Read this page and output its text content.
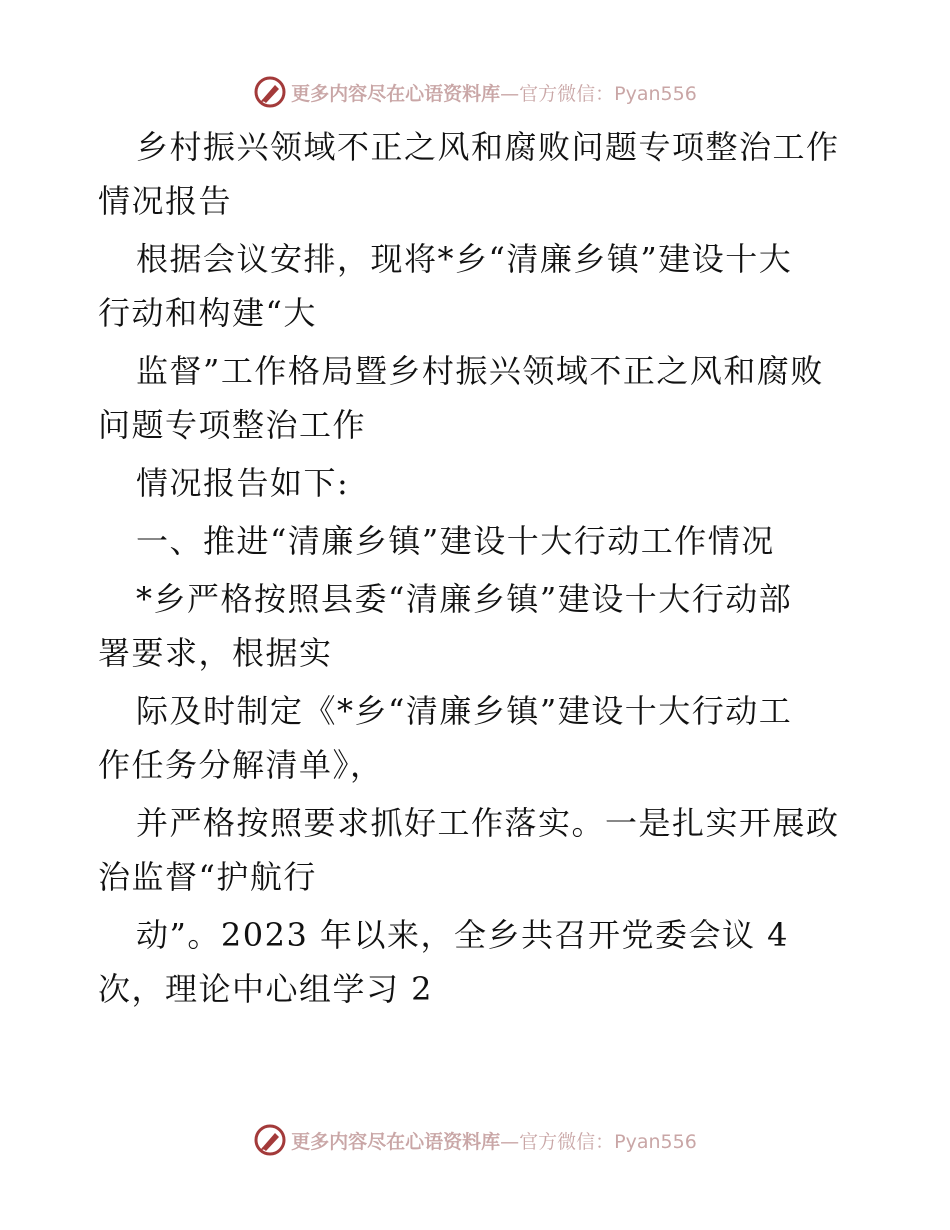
更多内容尽在心语资料库 —官方微信：Pyan556
乡村振兴领域不正之风和腐败问题专项整治工作
情况报告
根据会议安排，现将*乡“清廉乡镇”建设十大
行动和构建“大
监督”工作格局暨乡村振兴领域不正之风和腐败
问题专项整治工作
情况报告如下:
一、推进“清廉乡镇”建设十大行动工作情况
*乡严格按照县委“清廉乡镇”建设十大行动部
署要求，根据实
际及时制定《*乡“清廉乡镇”建设十大行动工
作任务分解清单》，
并严格按照要求抓好工作落实。一是扎实开展政
治监督“护航行
动”。2023 年以来，全乡共召开党委会议 4
次，理论中心组学习 2
更多内容尽在心语资料库 —官方微信：Pyan556
